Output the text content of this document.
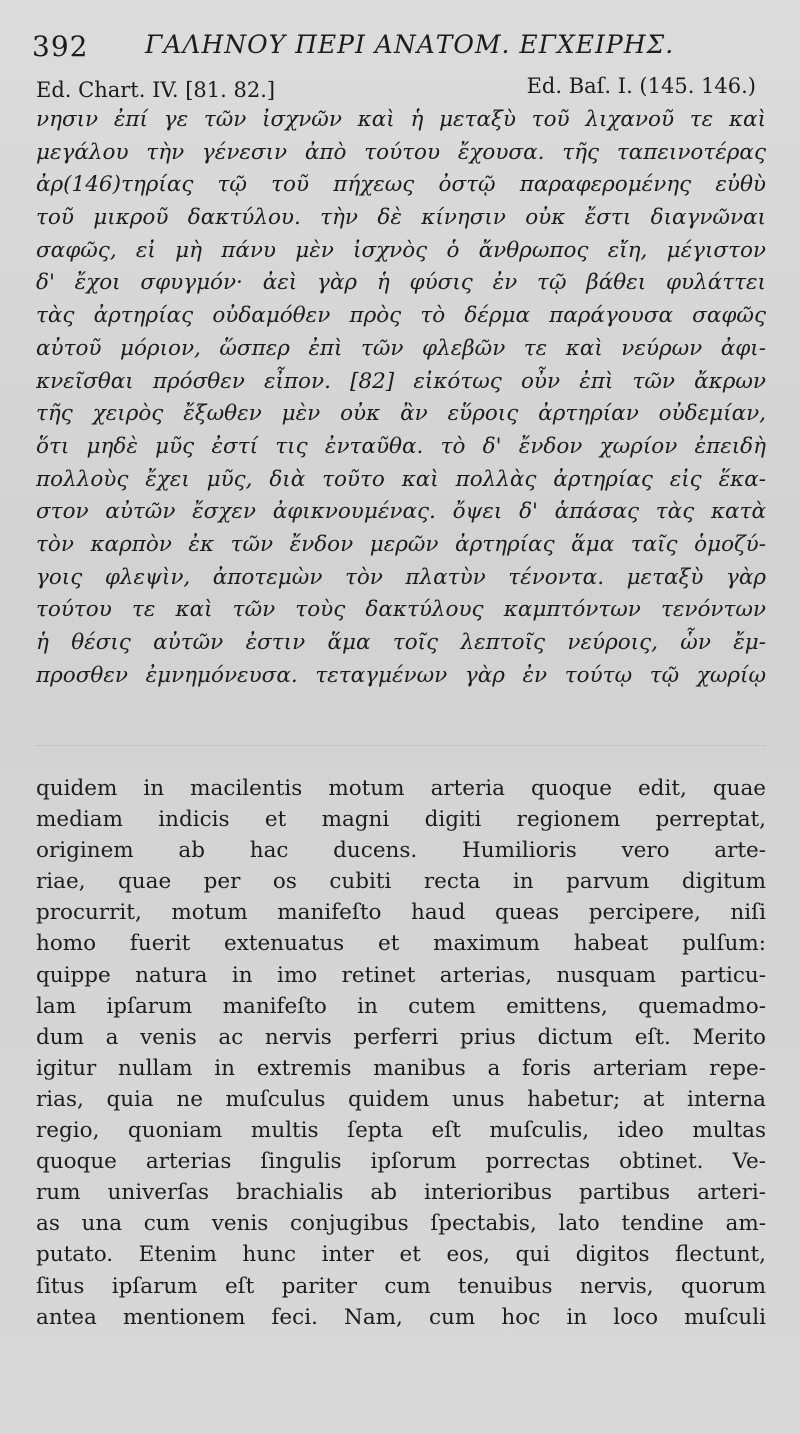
392 ΓΑΛΗΝΟΥ ΠΕΡΙ ΑΝΑΤΟΜ. ΕΓΧΕΙΡΗΣ.
Ed. Chart. IV. [81. 82.]	Ed. Baſ. I. (145. 146.)
νησιν ἐπί γε τῶν ἰσχνῶν καὶ ἡ μεταξὺ τοῦ λιχανοῦ τε καὶ
μεγάλου τὴν γένεσιν ἀπὸ τούτου ἔχουσα. τῆς ταπεινοτέρας
ἀρ(146)τηρίας τῷ τοῦ πήχεως ὀστῷ παραφερομένης εὐθὺ
τοῦ μικροῦ δακτύλου. τὴν δὲ κίνησιν οὐκ ἔστι διαγνῶναι
σαφῶς, εἰ μὴ πάνυ μὲν ἰσχνὸς ὁ ἄνθρωπος εἴη, μέγιστον
δ' ἔχοι σφυγμόν· ἀεὶ γὰρ ἡ φύσις ἐν τῷ βάθει φυλάττει
τὰς ἀρτηρίας οὐδαμόθεν πρὸς τὸ δέρμα παράγουσα σαφῶς
αὐτοῦ μόριον, ὥσπερ ἐπὶ τῶν φλεβῶν τε καὶ νεύρων ἀφι-
κνεῖσθαι πρόσθεν εἶπον. [82] εἰκότως οὖν ἐπὶ τῶν ἄκρων
τῆς χειρὸς ἔξωθεν μὲν οὐκ ἂν εὕροις ἀρτηρίαν οὐδεμίαν,
ὅτι μηδὲ μῦς ἐστί τις ἐνταῦθα. τὸ δ' ἔνδον χωρίον ἐπειδὴ
πολλοὺς ἔχει μῦς, διὰ τοῦτο καὶ πολλὰς ἀρτηρίας εἰς ἕκα-
στον αὐτῶν ἔσχεν ἀφικνουμένας. ὄψει δ' ἁπάσας τὰς κατὰ
τὸν καρπὸν ἐκ τῶν ἔνδον μερῶν ἀρτηρίας ἅμα ταῖς ὁμοζύ-
γοις φλεψὶν, ἀποτεμὼν τὸν πλατὺν τένοντα. μεταξὺ γὰρ
τούτου τε καὶ τῶν τοὺς δακτύλους καμπτόντων τενόντων
ἡ θέσις αὐτῶν ἐστιν ἅμα τοῖς λεπτοῖς νεύροις, ὧν ἔμ-
προσθεν ἐμνημόνευσα. τεταγμένων γὰρ ἐν τούτῳ τῷ χωρίῳ
quidem in macilentis motum arteria quoque edit, quae
mediam indicis et magni digiti regionem perreptat,
originem ab hac ducens. Humilioris vero arte-
riae, quae per os cubiti recta in parvum digitum
procurrit, motum manifeſto haud queas percipere, niſi
homo fuerit extenuatus et maximum habeat pulſum:
quippe natura in imo retinet arterias, nusquam particu-
lam ipſarum manifeſto in cutem emittens, quemadmo-
dum a venis ac nervis perferri prius dictum eſt. Merito
igitur nullam in extremis manibus a foris arteriam repe-
rias, quia ne muſculus quidem unus habetur; at interna
regio, quoniam multis ſepta eſt muſculis, ideo multas
quoque arterias ſingulis ipſorum porrectas obtinet. Ve-
rum univerſas brachialis ab interioribus partibus arteri-
as una cum venis conjugibus ſpectabis, lato tendine am-
putato. Etenim hunc inter et eos, qui digitos flectunt,
ſitus ipſarum eſt pariter cum tenuibus nervis, quorum
antea mentionem feci. Nam, cum hoc in loco muſculi
